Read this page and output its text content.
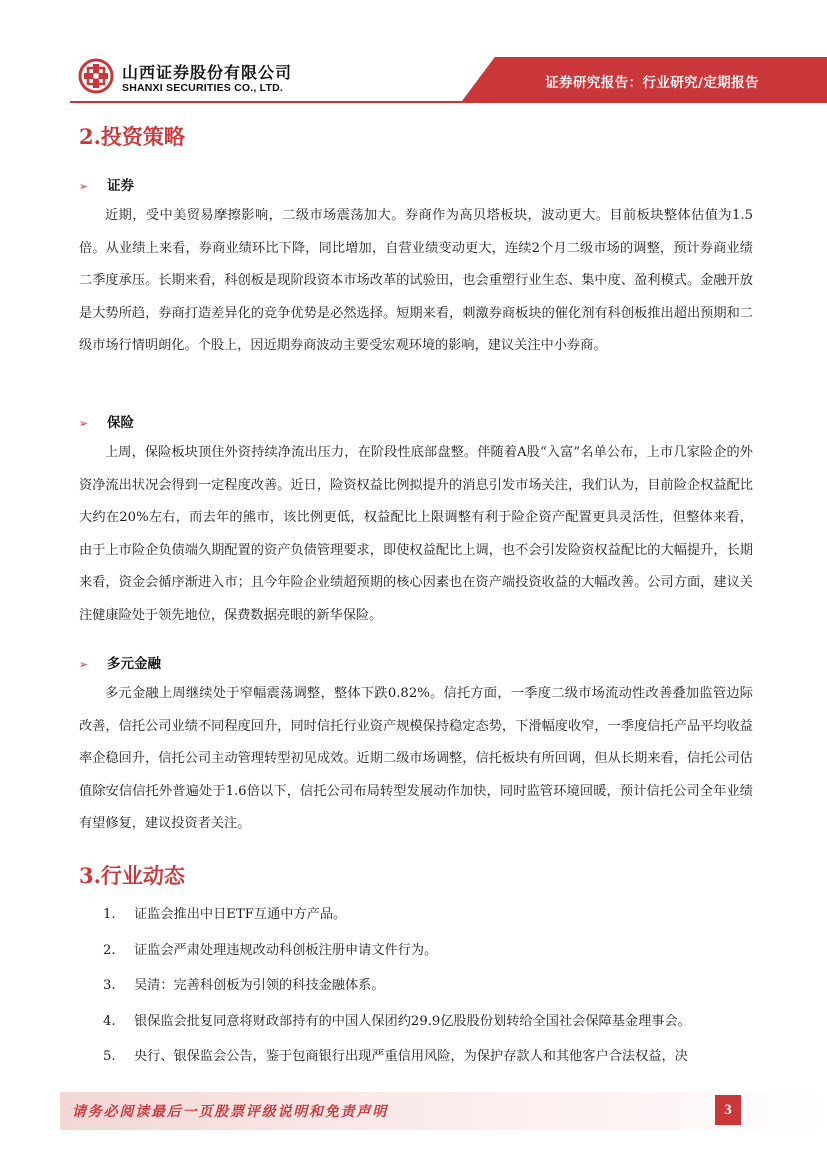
山西证券股份有限公司
SHANXI SECURITIES CO., LTD.	证券研究报告：行业研究/定期报告
2.投资策略
➢ 证券
近期，受中美贸易摩擦影响，二级市场震荡加大。券商作为高贝塔板块，波动更大。目前板块整体估值为1.5倍。从业绩上来看，券商业绩环比下降，同比增加，自营业绩变动更大，连续2个月二级市场的调整，预计券商业绩二季度承压。长期来看，科创板是现阶段资本市场改革的试验田，也会重塑行业生态、集中度、盈利模式。金融开放是大势所趋，券商打造差异化的竞争优势是必然选择。短期来看，刺激券商板块的催化剂有科创板推出超出预期和二级市场行情明朗化。个股上，因近期券商波动主要受宏观环境的影响，建议关注中小券商。
➢ 保险
上周，保险板块顶住外资持续净流出压力，在阶段性底部盘整。伴随着A股“入富”名单公布，上市几家险企的外资净流出状况会得到一定程度改善。近日，险资权益比例拟提升的消息引发市场关注，我们认为，目前险企权益配比大约在20%左右，而去年的熊市，该比例更低，权益配比上限调整有利于险企资产配置更具灵活性，但整体来看，由于上市险企负债端久期配置的资产负债管理要求，即使权益配比上调，也不会引发险资权益配比的大幅提升，长期来看，资金会循序渐进入市；且今年险企业绩超预期的核心因素也在资产端投资收益的大幅改善。公司方面，建议关注健康险处于领先地位，保费数据亮眼的新华保险。
➢ 多元金融
多元金融上周继续处于窄幅震荡调整，整体下跌0.82%。信托方面，一季度二级市场流动性改善叠加监管边际改善，信托公司业绩不同程度回升，同时信托行业资产规模保持稳定态势，下滑幅度收窄，一季度信托产品平均收益率企稳回升，信托公司主动管理转型初见成效。近期二级市场调整，信托板块有所回调，但从长期来看，信托公司估值除安信信托外普遍处于1.6倍以下，信托公司布局转型发展动作加快，同时监管环境回暖，预计信托公司全年业绩有望修复，建议投资者关注。
3.行业动态
1.	证监会推出中日ETF互通中方产品。
2.	证监会严肃处理违规改动科创板注册申请文件行为。
3.	吴清：完善科创板为引领的科技金融体系。
4.	银保监会批复同意将财政部持有的中国人保团约29.9亿股股份划转给全国社会保障基金理事会。
5.	央行、银保监会公告，鉴于包商银行出现严重信用风险，为保护存款人和其他客户合法权益，决
请务必阅读最后一页股票评级说明和免责声明	3
